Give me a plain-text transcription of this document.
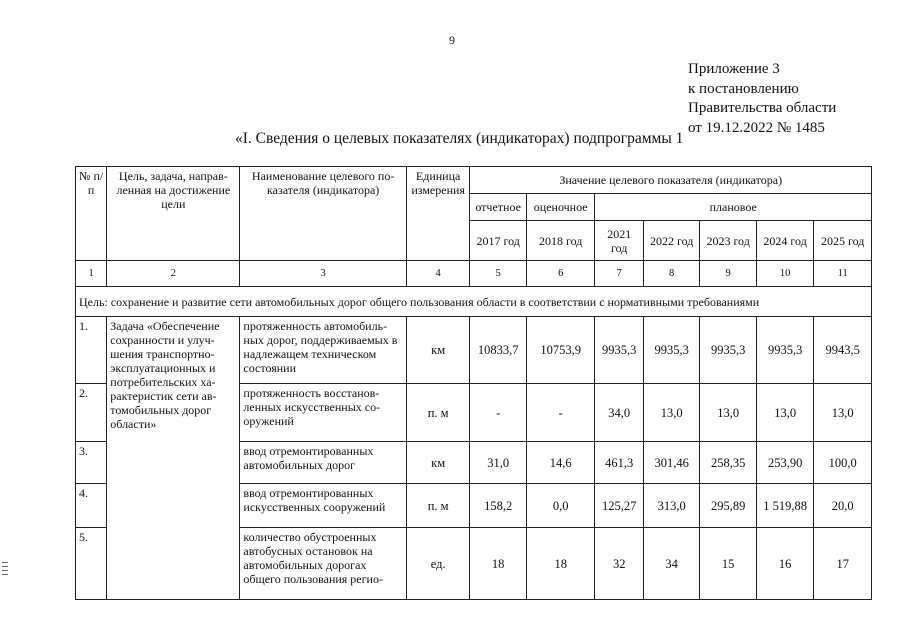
9
Приложение 3
к постановлению
Правительства области
от 19.12.2022 № 1485
«I. Сведения о целевых показателях (индикаторах) подпрограммы 1
№ п/п	Цель, задача, направ-ленная на достижение цели	Наименование целевого по-казателя (индикатора)	Единица измерения	Значение целевого показателя (индикатора)						
				отчетное	оценочное	плановое				
				2017 год	2018 год	2021 год	2022 год	2023 год	2024 год	2025 год
1	2	3	4	5	6	7	8	9	10	11
Цель: сохранение и развитие сети автомобильных дорог общего пользования области в соответствии с нормативными требованиями										
1.	Задача «Обеспечение сохранности и улуч-шения транспортно-эксплуатационных и потребительских ха-рактеристик сети ав-томобильных дорог области»	протяженность автомобиль-ных дорог, поддерживаемых в надлежащем техническом состоянии	км	10833,7	10753,9	9935,3	9935,3	9935,3	9935,3	9943,5
2.		протяженность восстанов-ленных искусственных со-оружений	п. м	-	-	34,0	13,0	13,0	13,0	13,0
3.		ввод отремонтированных автомобильных дорог	км	31,0	14,6	461,3	301,46	258,35	253,90	100,0
4.		ввод отремонтированных искусственных сооружений	п. м	158,2	0,0	125,27	313,0	295,89	1 519,88	20,0
5.		количество обустроенных автобусных остановок на автомобильных дорогах общего пользования регио-	ед.	18	18	32	34	15	16	17
